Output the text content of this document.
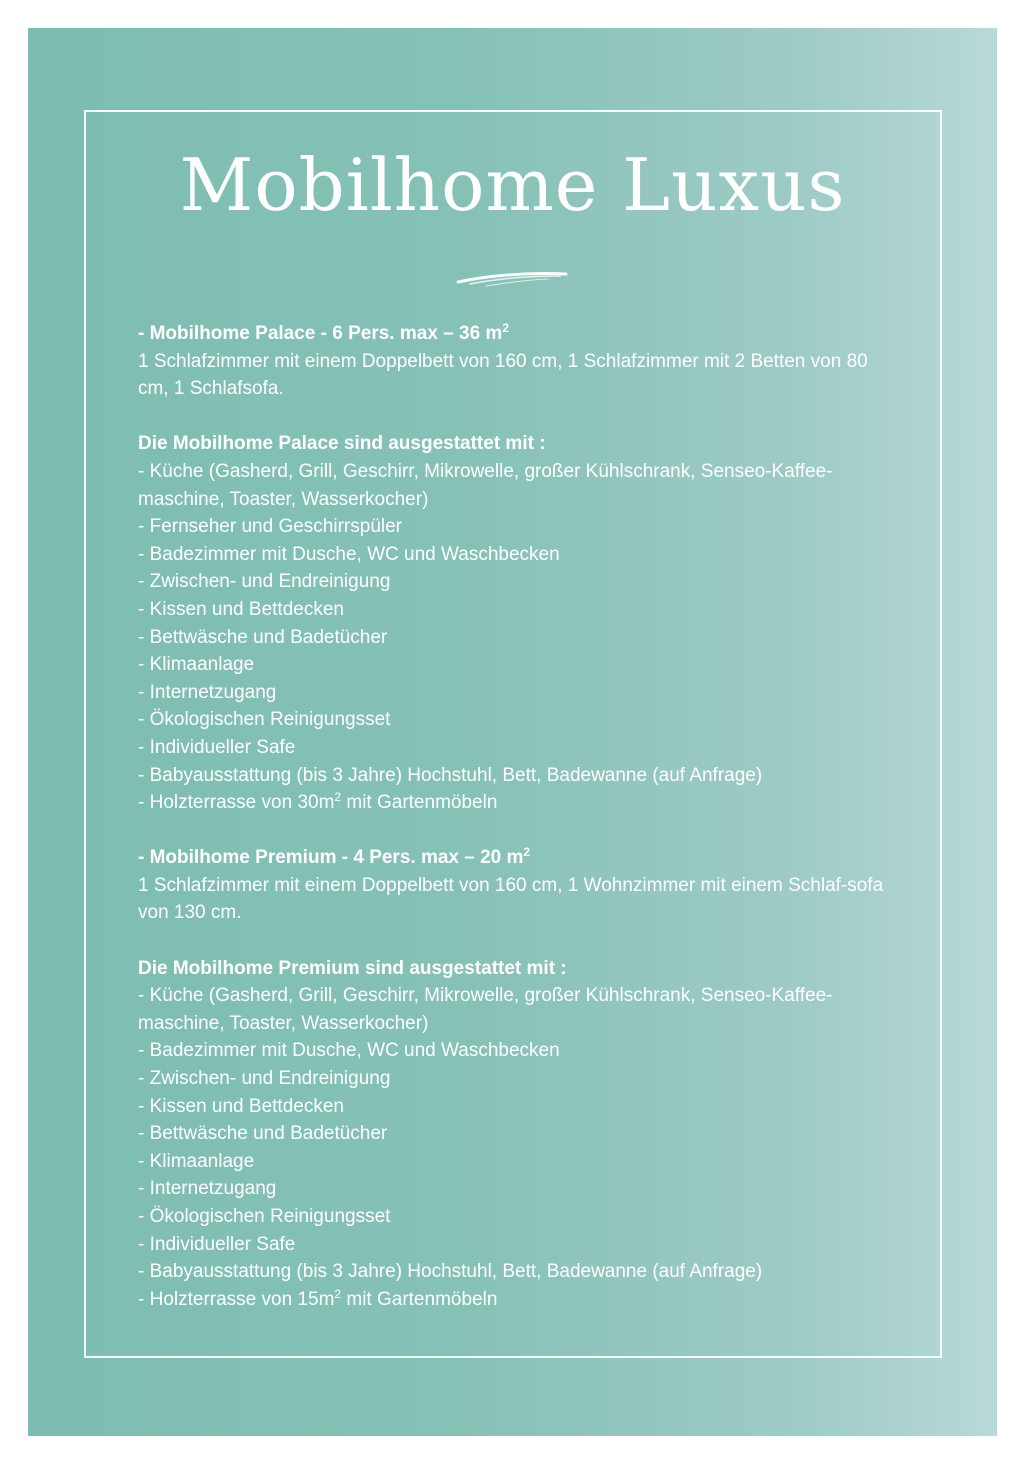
Mobilhome Luxus

- Mobilhome Palace - 6 Pers. max – 36 $m^2$

1 Schlafzimmer mit einem Doppelbett von 160 cm, 1 Schlafzimmer mit 2 Betten von 80 cm, 1 Schlafsofa.

Die Mobilhome Palace sind ausgestattet mit :

- Küche (Gasherd, Grill, Geschirr, Mikrowelle, großer Kühlschrank, Senseo-Kaffee-maschine, Toaster, Wasserkocher)
- Fernseher und Geschirrspüler
- Badezimmer mit Dusche, WC und Waschbecken
- Zwischen- und Endreinigung
- Kissen und Bettdecken
- Bettwäsche und Badetücher
- Klimaanlage
- Internetzugang
- Ökologischen Reinigungsset
- Individueller Safe
- Babyausstattung (bis 3 Jahre) Hochstuhl, Bett, Badewanne (auf Anfrage)
- Holzterrasse von $30m^2$ mit Gartenmöbeln

- Mobilhome Premium - 4 Pers. max – 20 $m^2$

1 Schlafzimmer mit einem Doppelbett von 160 cm, 1 Wohnzimmer mit einem Schlaf-sofa von 130 cm.

Die Mobilhome Premium sind ausgestattet mit :

- Küche (Gasherd, Grill, Geschirr, Mikrowelle, großer Kühlschrank, Senseo-Kaffee-maschine, Toaster, Wasserkocher)
- Badezimmer mit Dusche, WC und Waschbecken
- Zwischen- und Endreinigung
- Kissen und Bettdecken
- Bettwäsche und Badetücher
- Klimaanlage
- Internetzugang
- Ökologischen Reinigungsset
- Individueller Safe
- Babyausstattung (bis 3 Jahre) Hochstuhl, Bett, Badewanne (auf Anfrage)
- Holzterrasse von $15m^2$ mit Gartenmöbeln
